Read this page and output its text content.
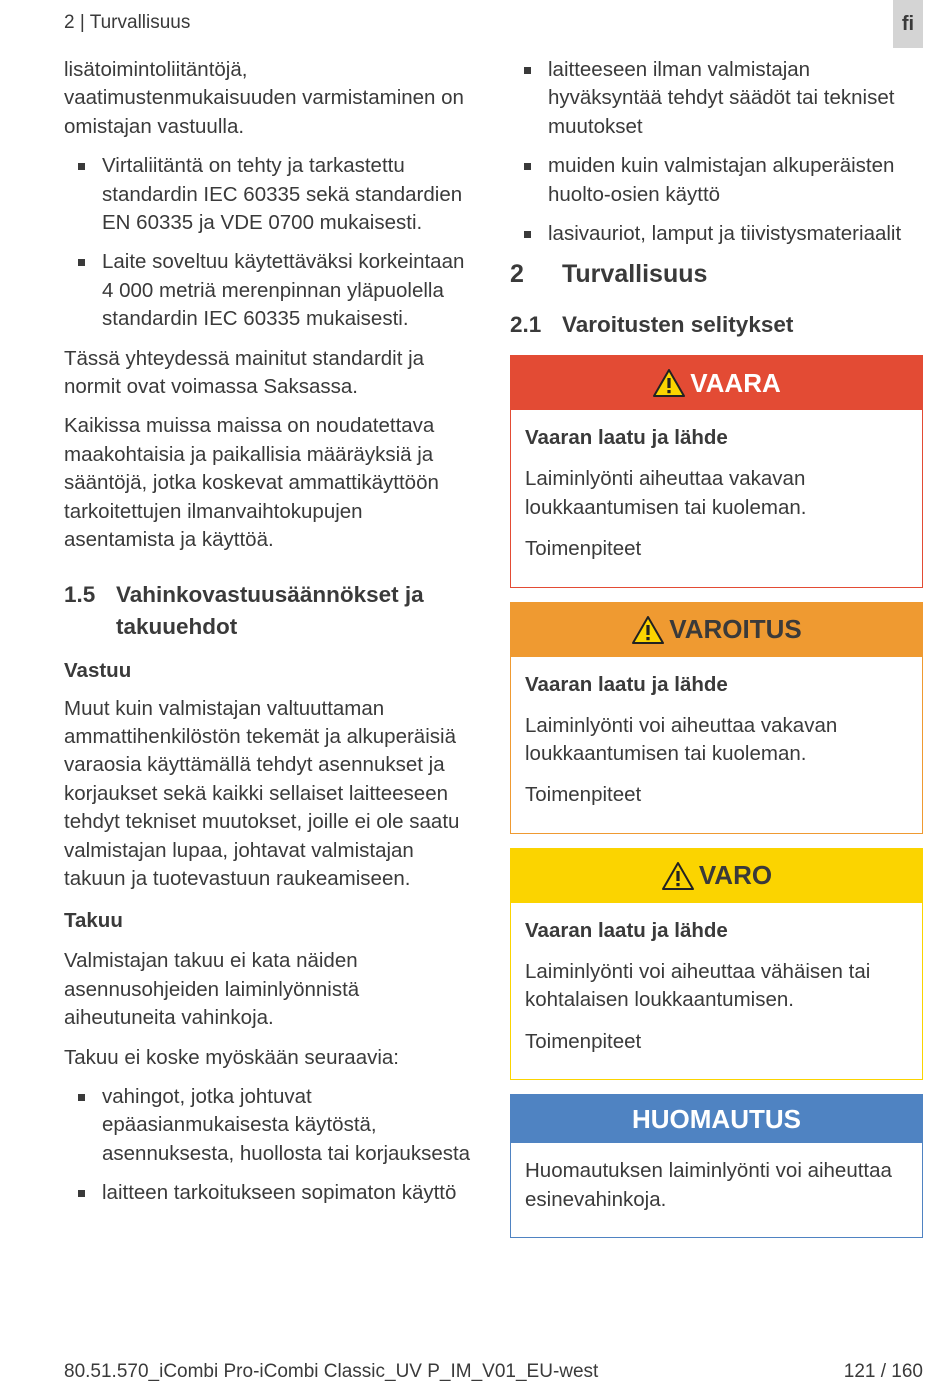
2 | Turvallisuus	fi

lisätoimintoliitäntöjä, vaatimustenmukaisuuden varmistaminen on omistajan vastuulla.

Virtaliitäntä on tehty ja tarkastettu standardin IEC 60335 sekä standardien EN 60335 ja VDE 0700 mukaisesti.
Laite soveltuu käytettäväksi korkeintaan 4 000 metriä merenpinnan yläpuolella standardin IEC 60335 mukaisesti.

Tässä yhteydessä mainitut standardit ja normit ovat voimassa Saksassa.

Kaikissa muissa maissa on noudatettava maakohtaisia ja paikallisia määräyksiä ja sääntöjä, jotka koskevat ammattikäyttöön tarkoitettujen ilmanvaihtokupujen asentamista ja käyttöä.

1.5 Vahinkovastuusäännökset ja takuuehdot
Vastuu

Muut kuin valmistajan valtuuttaman ammattihenkilöstön tekemät ja alkuperäisiä varaosia käyttämällä tehdyt asennukset ja korjaukset sekä kaikki sellaiset laitteeseen tehdyt tekniset muutokset, joille ei ole saatu valmistajan lupaa, johtavat valmistajan takuun ja tuotevastuun raukeamiseen.

Takuu

Valmistajan takuu ei kata näiden asennusohjeiden laiminlyönnistä aiheutuneita vahinkoja.

Takuu ei koske myöskään seuraavia:

vahingot, jotka johtuvat epäasianmukaisesta käytöstä, asennuksesta, huollosta tai korjauksesta
laitteen tarkoitukseen sopimaton käyttö
laitteeseen ilman valmistajan hyväksyntää tehdyt säädöt tai tekniset muutokset
muiden kuin valmistajan alkuperäisten huolto-osien käyttö
lasivauriot, lamput ja tiivistysmateriaalit
2	Turvallisuus
2.1 Varoitusten selitykset
VAARA
Vaaran laatu ja lähde
Laiminlyönti aiheuttaa vakavan loukkaantumisen tai kuoleman.
Toimenpiteet
VAROITUS
Vaaran laatu ja lähde
Laiminlyönti voi aiheuttaa vakavan loukkaantumisen tai kuoleman.
Toimenpiteet
VARO
Vaaran laatu ja lähde
Laiminlyönti voi aiheuttaa vähäisen tai kohtalaisen loukkaantumisen.
Toimenpiteet
HUOMAUTUS
Huomautuksen laiminlyönti voi aiheuttaa esinevahinkoja.
80.51.570_iCombi Pro-iCombi Classic_UV P_IM_V01_EU-west	121 / 160
